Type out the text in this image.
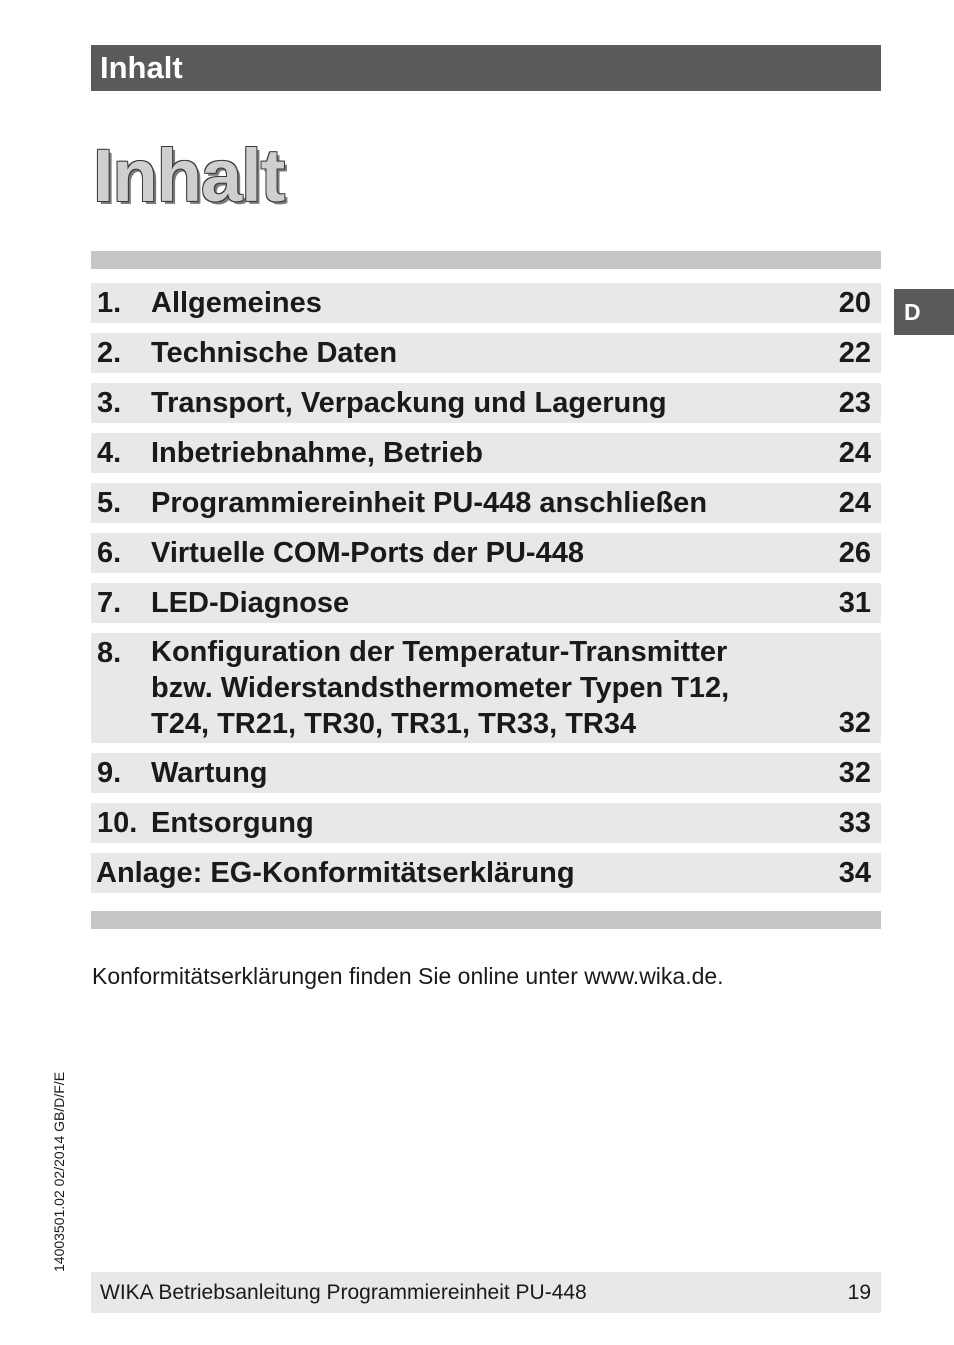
Inhalt
Inhalt
1. Allgemeines	20
2. Technische Daten	22
3. Transport, Verpackung und Lagerung	23
4. Inbetriebnahme, Betrieb	24
5. Programmiereinheit PU-448 anschließen	24
6. Virtuelle COM-Ports der PU-448	26
7. LED-Diagnose	31
8. Konfiguration der Temperatur-Transmitter
bzw. Widerstandsthermometer Typen T12,
T24, TR21, TR30, TR31, TR33, TR34	32
9. Wartung	32
10. Entsorgung	33
Anlage: EG-Konformitätserklärung	34
Konformitätserklärungen finden Sie online unter www.wika.de.
D
14003501.02 02/2014 GB/D/F/E
WIKA Betriebsanleitung Programmiereinheit PU-448	19
